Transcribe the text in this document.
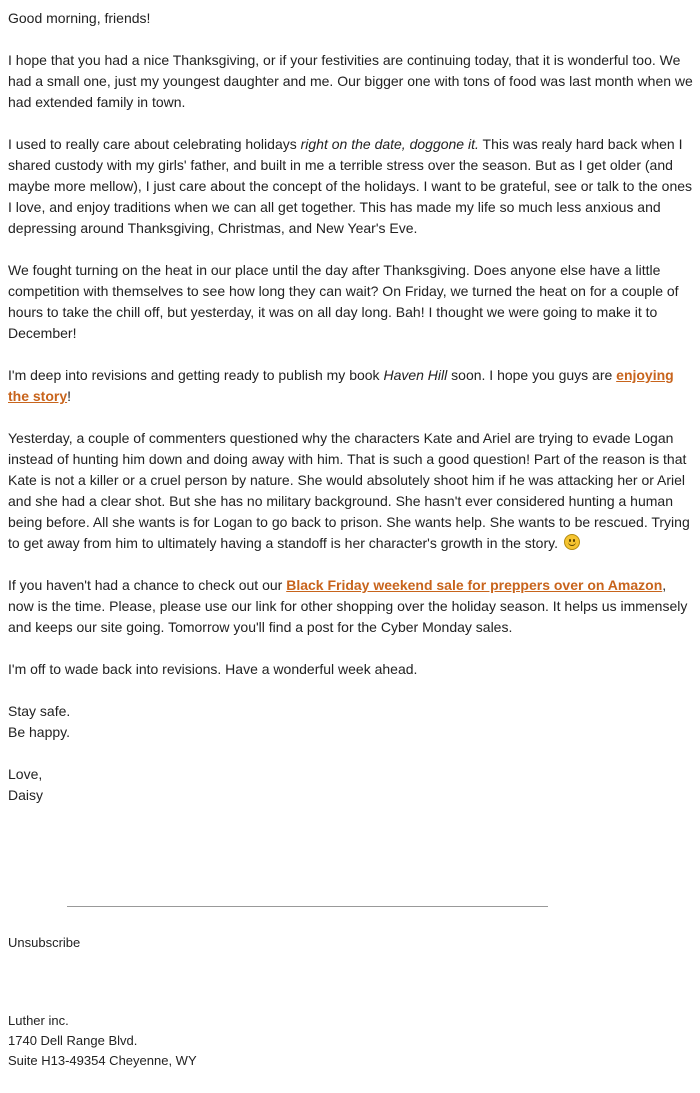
Good morning, friends!

I hope that you had a nice Thanksgiving, or if your festivities are continuing today, that it is wonderful too. We had a small one, just my youngest daughter and me. Our bigger one with tons of food was last month when we had extended family in town.

I used to really care about celebrating holidays right on the date, doggone it. This was realy hard back when I shared custody with my girls' father, and built in me a terrible stress over the season. But as I get older (and maybe more mellow), I just care about the concept of the holidays. I want to be grateful, see or talk to the ones I love, and enjoy traditions when we can all get together. This has made my life so much less anxious and depressing around Thanksgiving, Christmas, and New Year's Eve.

We fought turning on the heat in our place until the day after Thanksgiving. Does anyone else have a little competition with themselves to see how long they can wait? On Friday, we turned the heat on for a couple of hours to take the chill off, but yesterday, it was on all day long. Bah! I thought we were going to make it to December!

I'm deep into revisions and getting ready to publish my book Haven Hill soon. I hope you guys are enjoying the story!

Yesterday, a couple of commenters questioned why the characters Kate and Ariel are trying to evade Logan instead of hunting him down and doing away with him. That is such a good question! Part of the reason is that Kate is not a killer or a cruel person by nature. She would absolutely shoot him if he was attacking her or Ariel and she had a clear shot. But she has no military background. She hasn't ever considered hunting a human being before. All she wants is for Logan to go back to prison. She wants help. She wants to be rescued. Trying to get away from him to ultimately having a standoff is her character's growth in the story.

If you haven't had a chance to check out our Black Friday weekend sale for preppers over on Amazon, now is the time. Please, please use our link for other shopping over the holiday season. It helps us immensely and keeps our site going. Tomorrow you'll find a post for the Cyber Monday sales.

I'm off to wade back into revisions. Have a wonderful week ahead.

Stay safe.
Be happy.

Love,
Daisy

Unsubscribe
Luther inc.
1740 Dell Range Blvd.
Suite H13-49354 Cheyenne, WY
